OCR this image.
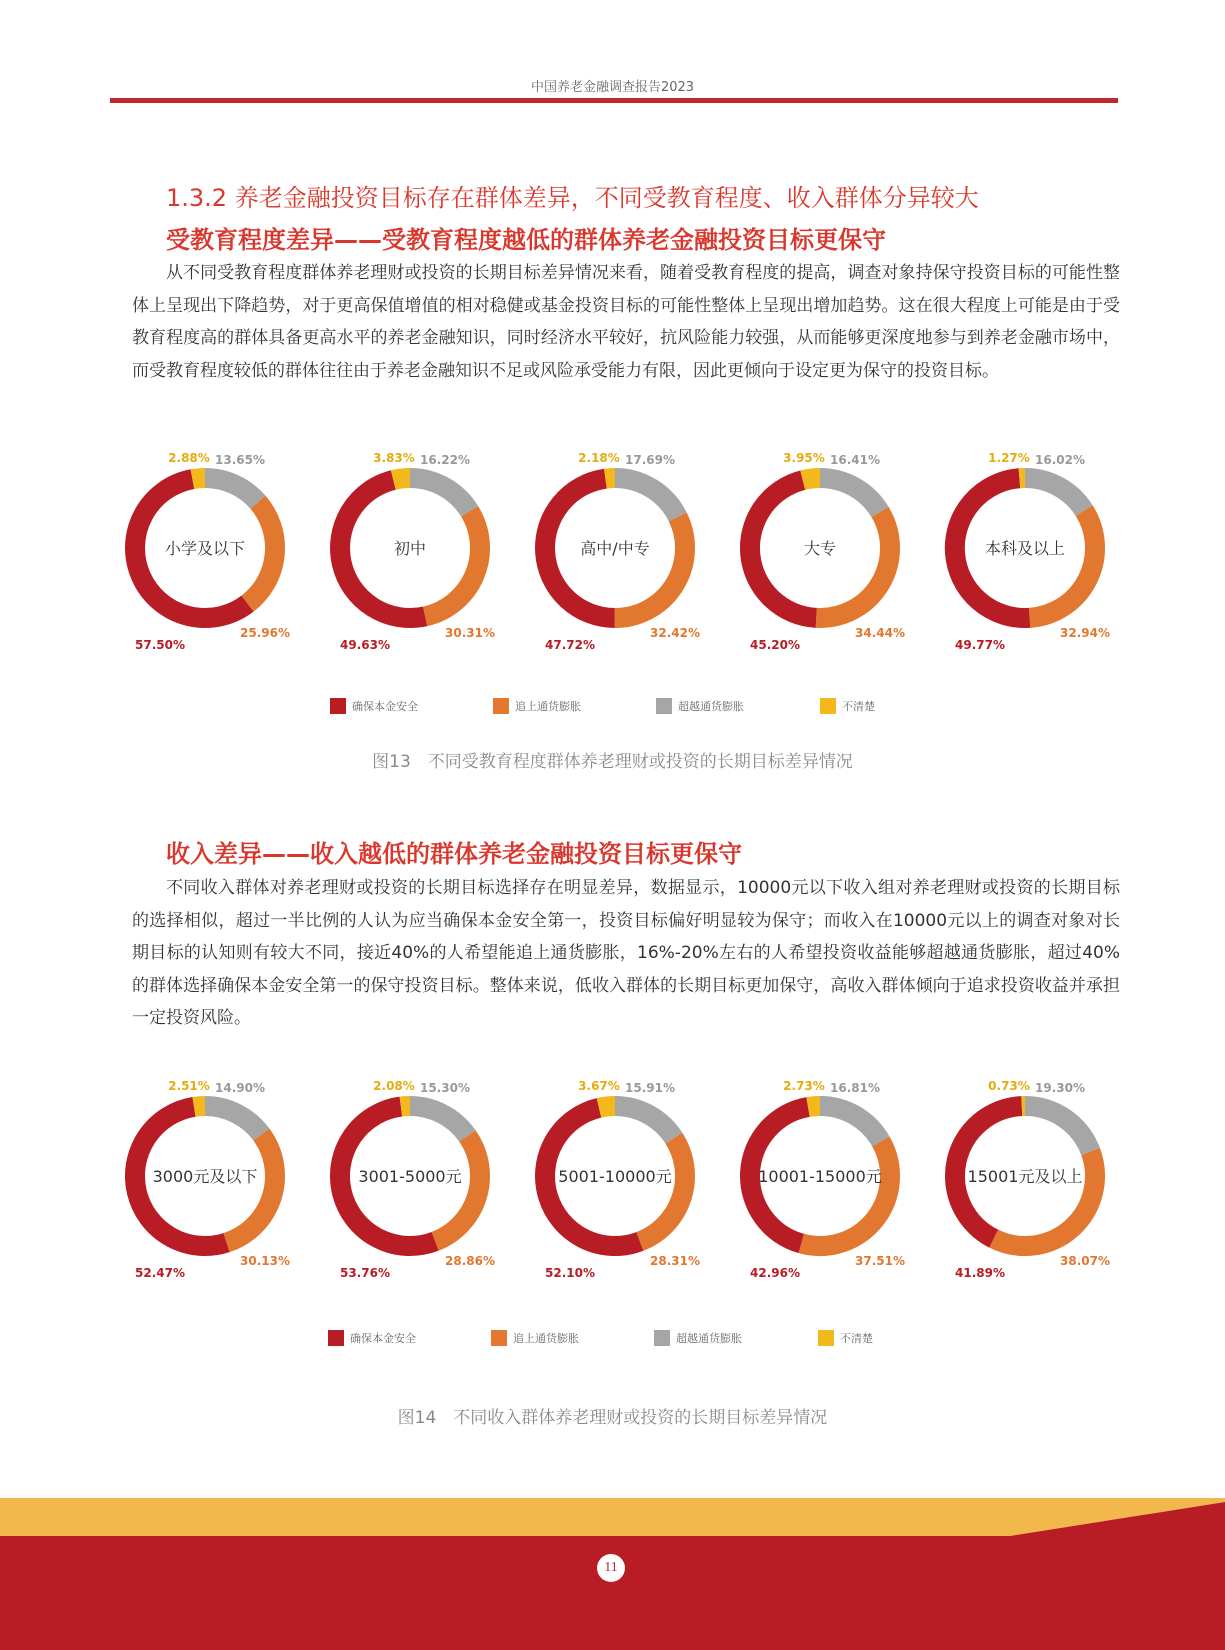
中国养老金融调查报告2023
1.3.2 养老金融投资目标存在群体差异，不同受教育程度、收入群体分异较大
受教育程度差异——受教育程度越低的群体养老金融投资目标更保守
从不同受教育程度群体养老理财或投资的长期目标差异情况来看，随着受教育程度的提高，调查对象持保守投资目标的可能性整体上呈现出下降趋势，对于更高保值增值的相对稳健或基金投资目标的可能性整体上呈现出增加趋势。这在很大程度上可能是由于受教育程度高的群体具备更高水平的养老金融知识，同时经济水平较好，抗风险能力较强，从而能够更深度地参与到养老金融市场中，而受教育程度较低的群体往往由于养老金融知识不足或风险承受能力有限，因此更倾向于设定更为保守的投资目标。
小学及以下
2.88% 13.65%
25.96%
57.50%
初中
3.83% 16.22%
30.31%
49.63%
高中/中专
2.18% 17.69%
32.42%
47.72%
大专
3.95% 16.41%
34.44%
45.20%
本科及以上
1.27% 16.02%
32.94%
49.77%
确保本金安全	追上通货膨胀	超越通货膨胀	不清楚
图13　不同受教育程度群体养老理财或投资的长期目标差异情况
收入差异——收入越低的群体养老金融投资目标更保守
不同收入群体对养老理财或投资的长期目标选择存在明显差异，数据显示，10000元以下收入组对养老理财或投资的长期目标的选择相似，超过一半比例的人认为应当确保本金安全第一，投资目标偏好明显较为保守；而收入在10000元以上的调查对象对长期目标的认知则有较大不同，接近40%的人希望能追上通货膨胀，16%-20%左右的人希望投资收益能够超越通货膨胀，超过40%的群体选择确保本金安全第一的保守投资目标。整体来说，低收入群体的长期目标更加保守，高收入群体倾向于追求投资收益并承担一定投资风险。
3000元及以下
2.51% 14.90%
30.13%
52.47%
3001-5000元
2.08% 15.30%
28.86%
53.76%
5001-10000元
3.67% 15.91%
28.31%
52.10%
10001-15000元
2.73% 16.81%
37.51%
42.96%
15001元及以上
0.73% 19.30%
38.07%
41.89%
确保本金安全	追上通货膨胀	超越通货膨胀	不清楚
图14　不同收入群体养老理财或投资的长期目标差异情况
11
